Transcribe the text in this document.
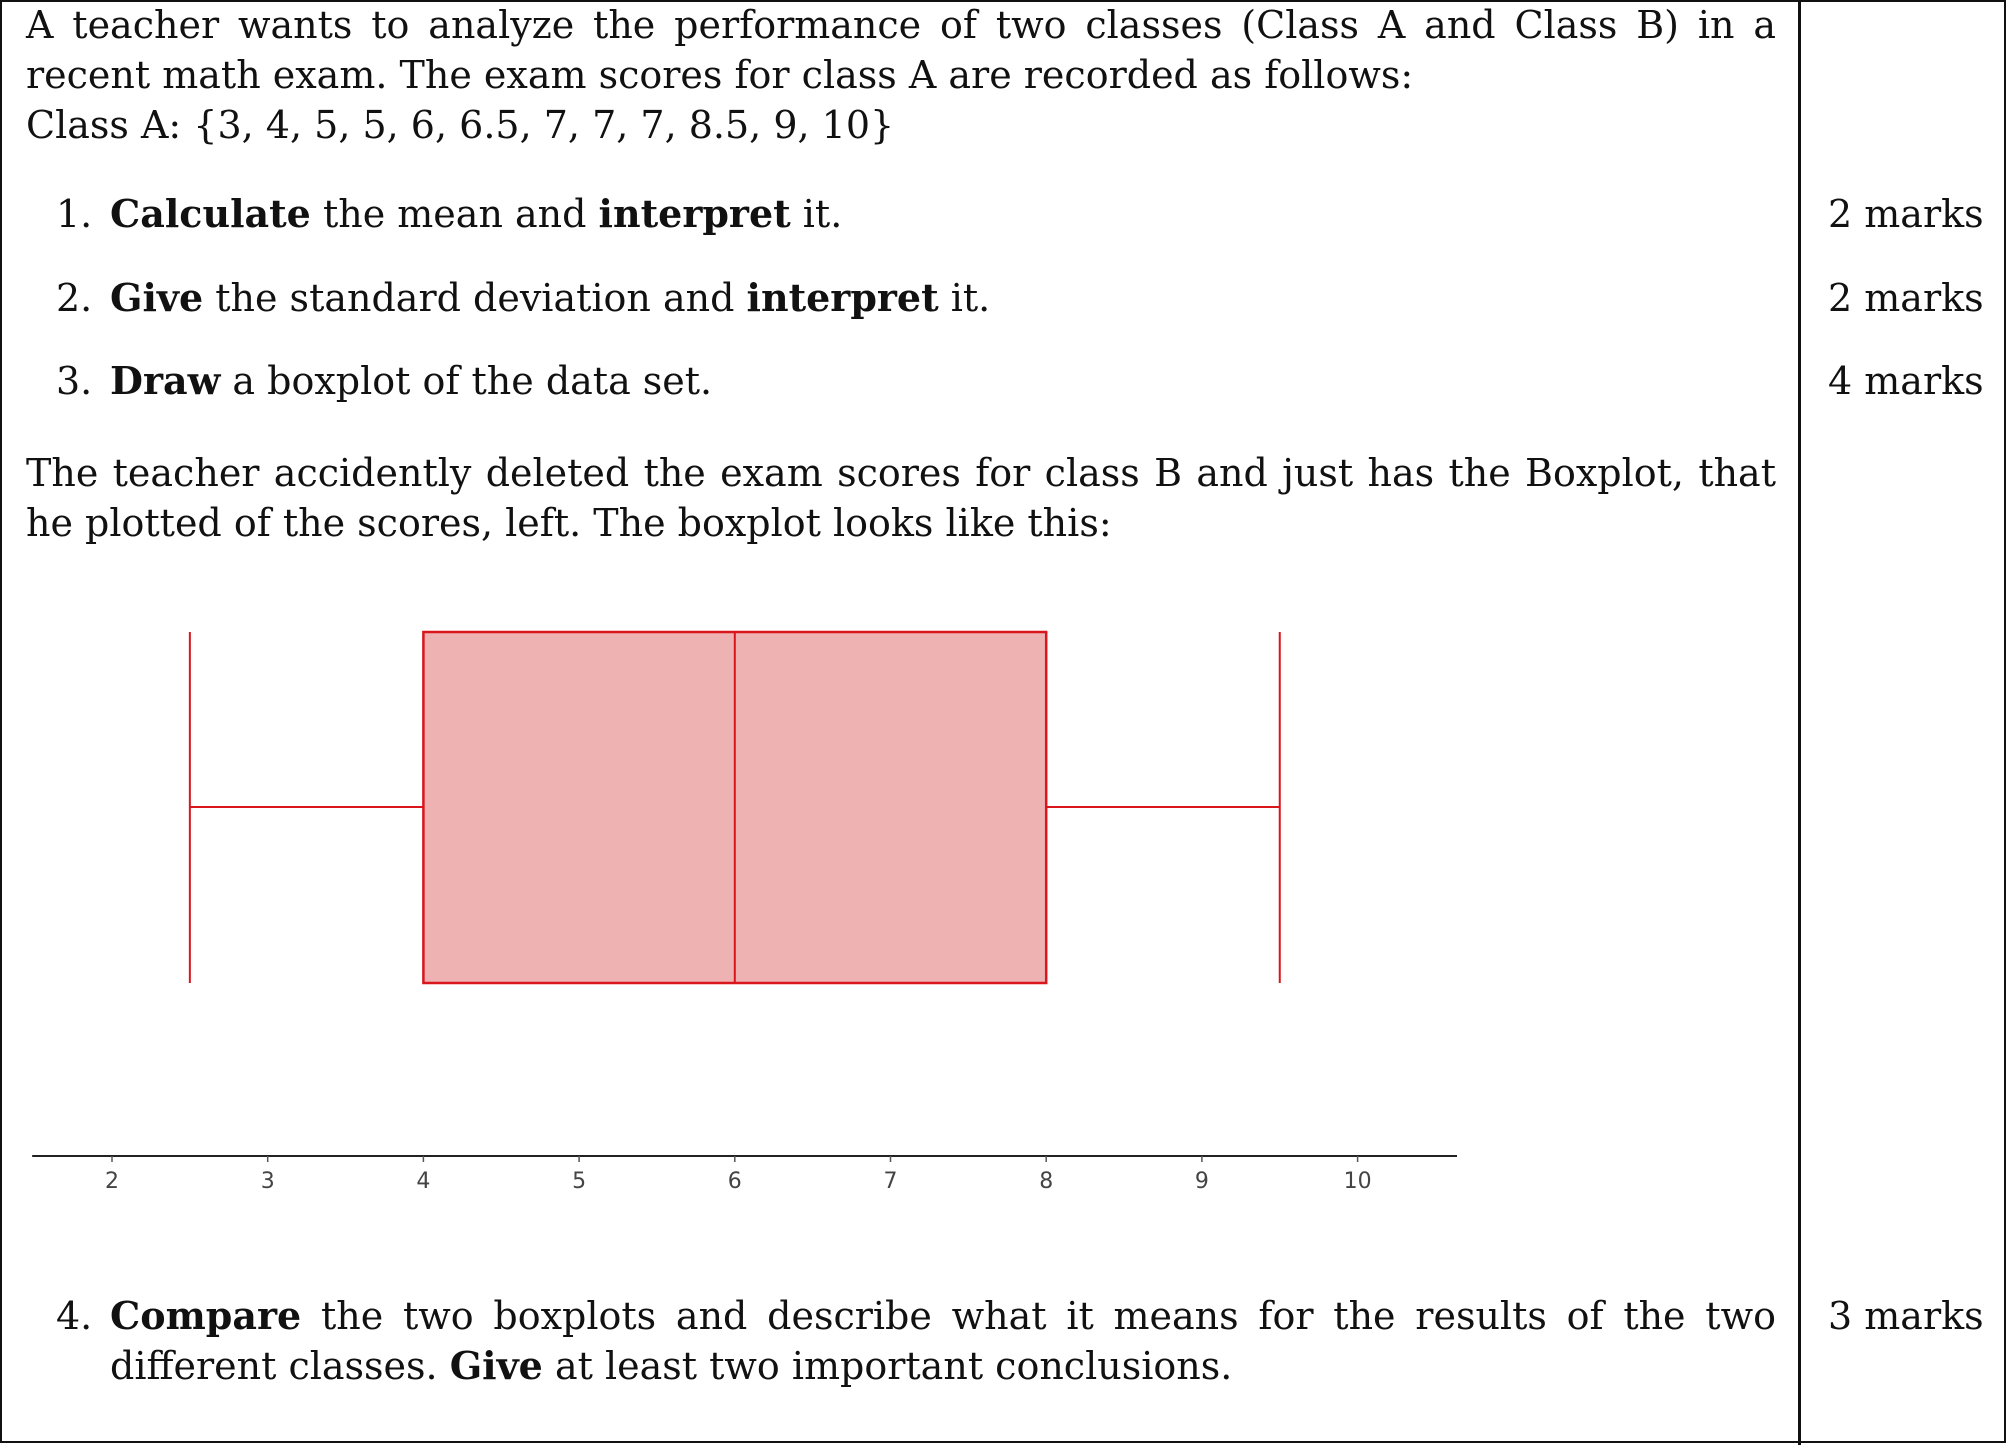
A teacher wants to analyze the performance of two classes (Class A and Class B) in a recent math exam. The exam scores for class A are recorded as follows:
Class A: {3, 4, 5, 5, 6, 6.5, 7, 7, 7, 8.5, 9, 10}
1. Calculate the mean and interpret it.	2 marks
2. Give the standard deviation and interpret it.	2 marks
3. Draw a boxplot of the data set.	4 marks
The teacher accidently deleted the exam scores for class B and just has the Boxplot, that he plotted of the scores, left. The boxplot looks like this:
2	3	4	5	6	7	8	9	10
4. Compare the two boxplots and describe what it means for the results of the two different classes. Give at least two important conclusions.
3 marks
